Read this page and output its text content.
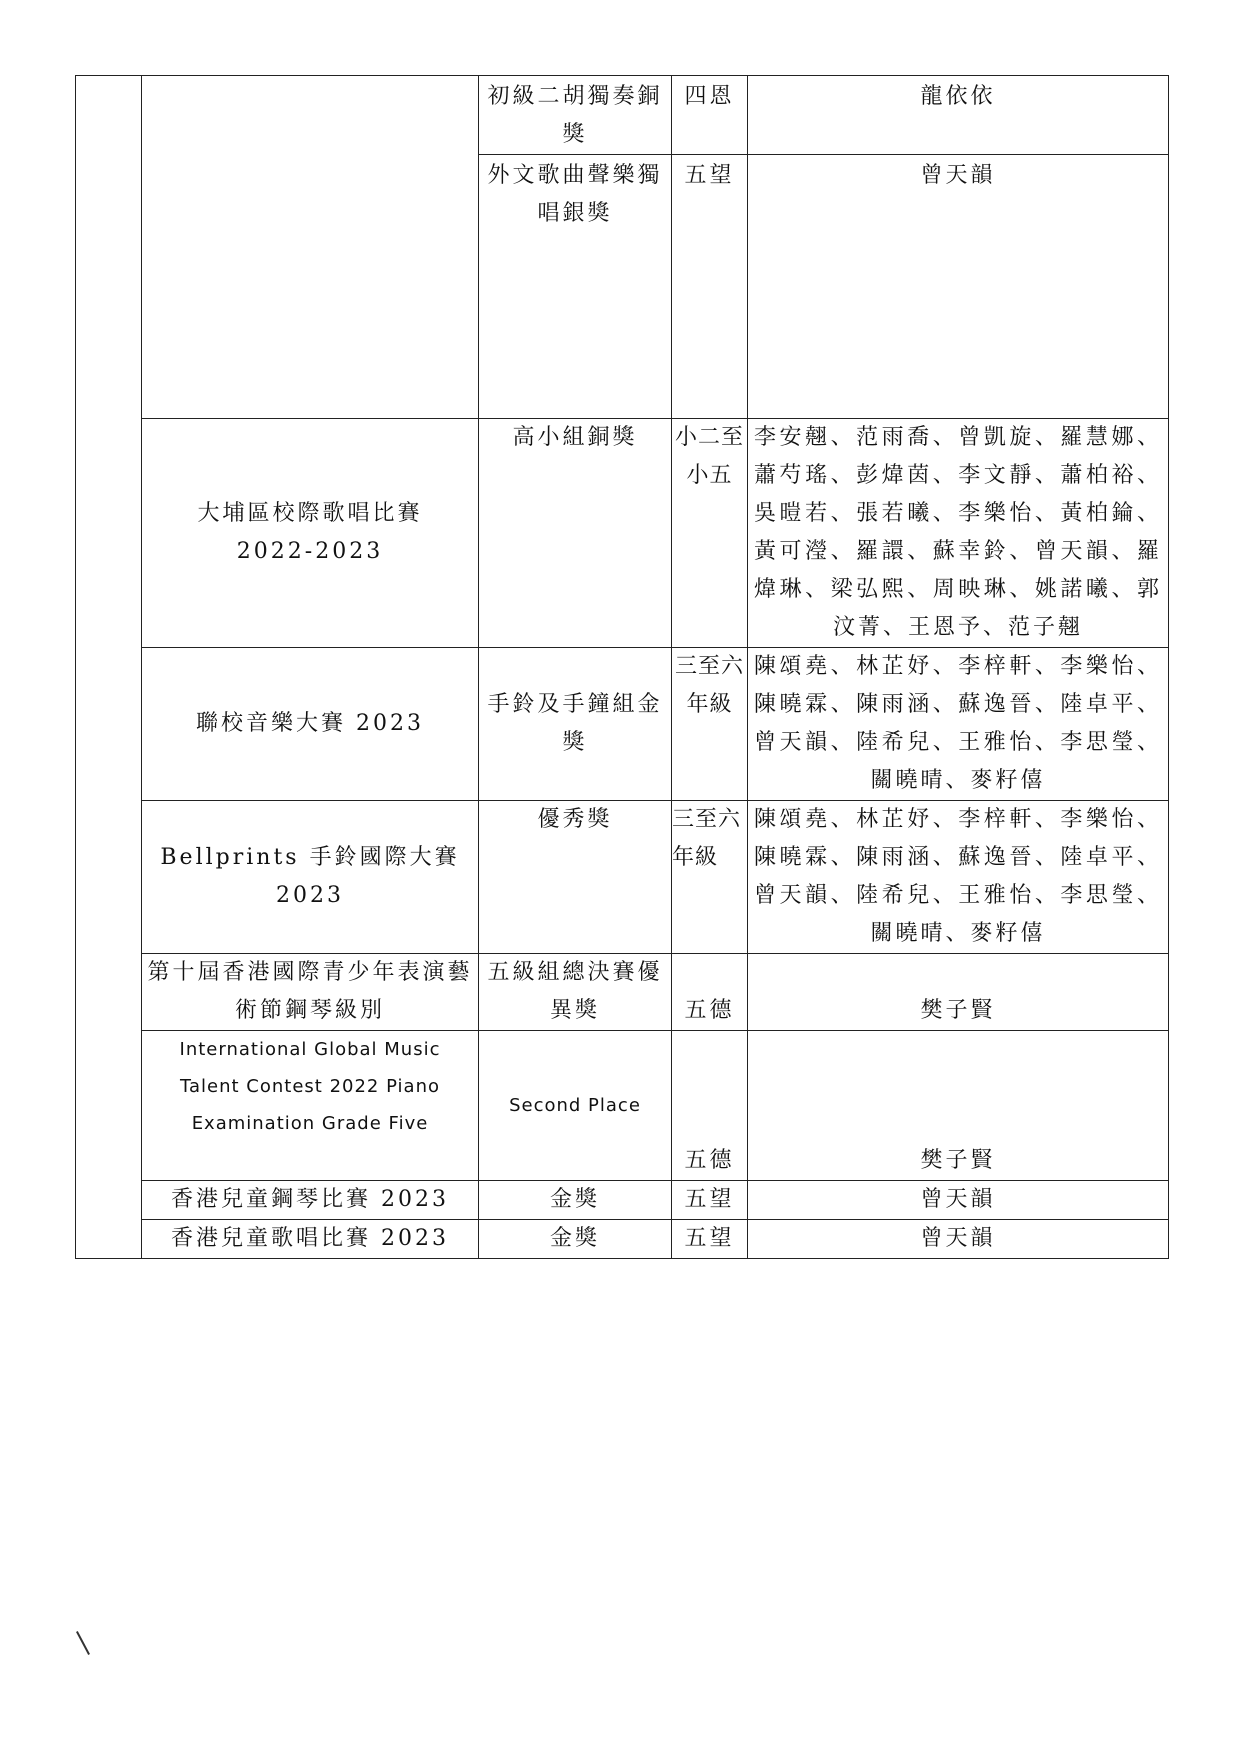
		初級二胡獨奏銅獎	四恩	龍依依
		外文歌曲聲樂獨唱銀獎	五望	曾天韻
	大埔區校際歌唱比賽 2022-2023	高小組銅獎	小二至小五	李安翹、范雨喬、曾凱旋、羅慧娜、蕭芍瑤、彭煒茵、李文靜、蕭柏裕、吳暟若、張若曦、李樂怡、黃柏錀、黃可瀅、羅譞、蘇幸鈴、曾天韻、羅煒琳、梁弘熙、周映琳、姚諾曦、郭汶菁、王恩予、范子翹
	聯校音樂大賽 2023	手鈴及手鐘組金獎	三至六年級	陳頌堯、林芷妤、李梓軒、李樂怡、陳曉霖、陳雨涵、蘇逸晉、陸卓平、曾天韻、陸希兒、王雅怡、李思瑩、關曉晴、麥籽僖
	Bellprints 手鈴國際大賽 2023	優秀獎	三至六年級	陳頌堯、林芷妤、李梓軒、李樂怡、陳曉霖、陳雨涵、蘇逸晉、陸卓平、曾天韻、陸希兒、王雅怡、李思瑩、關曉晴、麥籽僖
	第十屆香港國際青少年表演藝術節鋼琴級別	五級組總決賽優異獎	五德	樊子賢
	International Global Music Talent Contest 2022 Piano Examination Grade Five	Second Place	五德	樊子賢
	香港兒童鋼琴比賽 2023	金獎	五望	曾天韻
	香港兒童歌唱比賽 2023	金獎	五望	曾天韻
